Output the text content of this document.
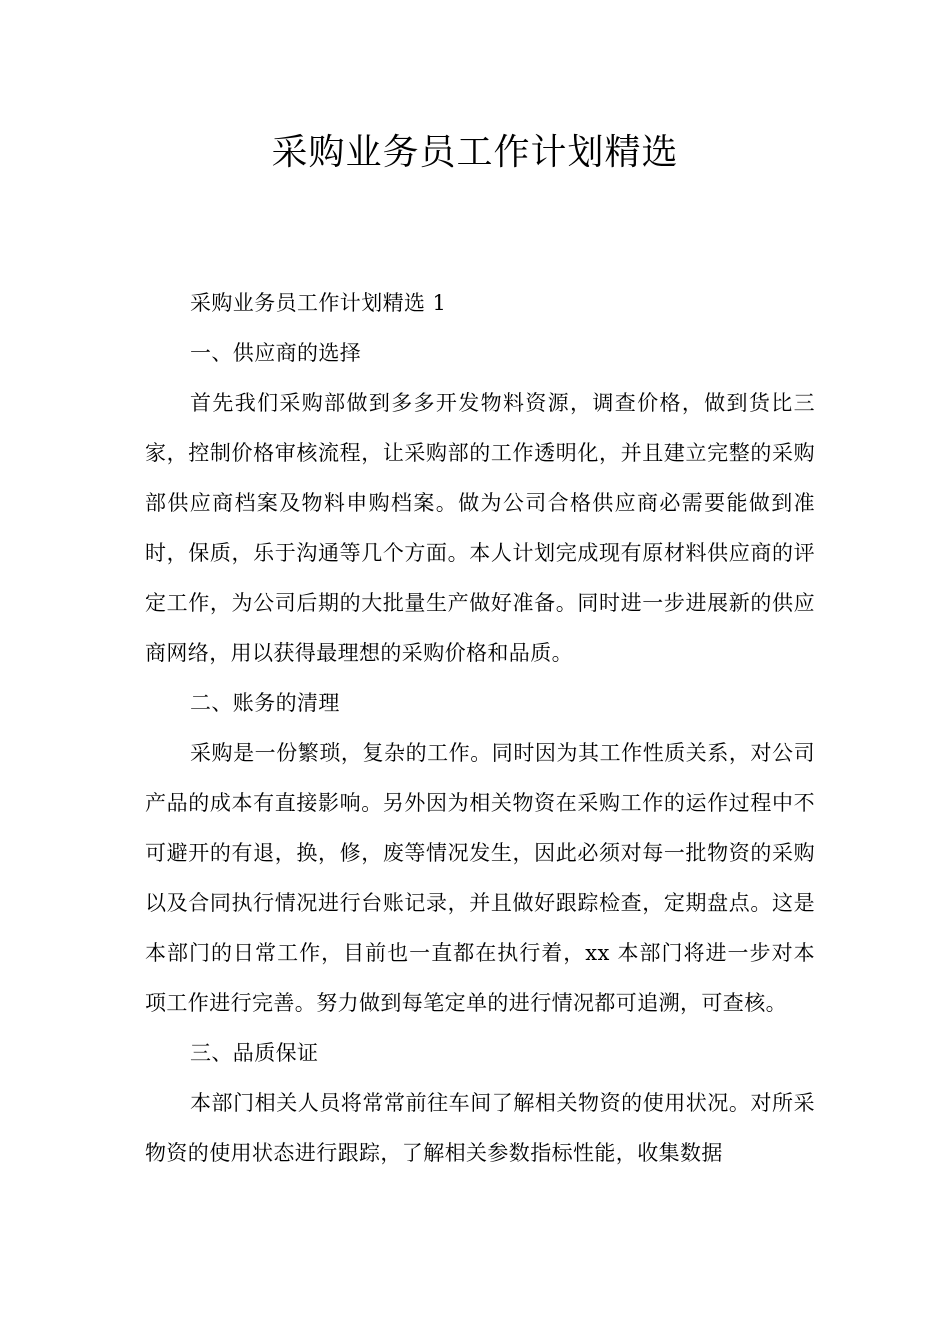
采购业务员工作计划精选

采购业务员工作计划精选 1

一、供应商的选择

首先我们采购部做到多多开发物料资源，调查价格，做到货比三家，控制价格审核流程，让采购部的工作透明化，并且建立完整的采购部供应商档案及物料申购档案。做为公司合格供应商必需要能做到准时，保质，乐于沟通等几个方面。本人计划完成现有原材料供应商的评定工作，为公司后期的大批量生产做好准备。同时进一步进展新的供应商网络，用以获得最理想的采购价格和品质。

二、账务的清理

采购是一份繁琐，复杂的工作。同时因为其工作性质关系，对公司产品的成本有直接影响。另外因为相关物资在采购工作的运作过程中不可避开的有退，换，修，废等情况发生，因此必须对每一批物资的采购以及合同执行情况进行台账记录，并且做好跟踪检查，定期盘点。这是本部门的日常工作，目前也一直都在执行着，xx 本部门将进一步对本项工作进行完善。努力做到每笔定单的进行情况都可追溯，可查核。

三、品质保证

本部门相关人员将常常前往车间了解相关物资的使用状况。对所采物资的使用状态进行跟踪，了解相关参数指标性能，收集数据
